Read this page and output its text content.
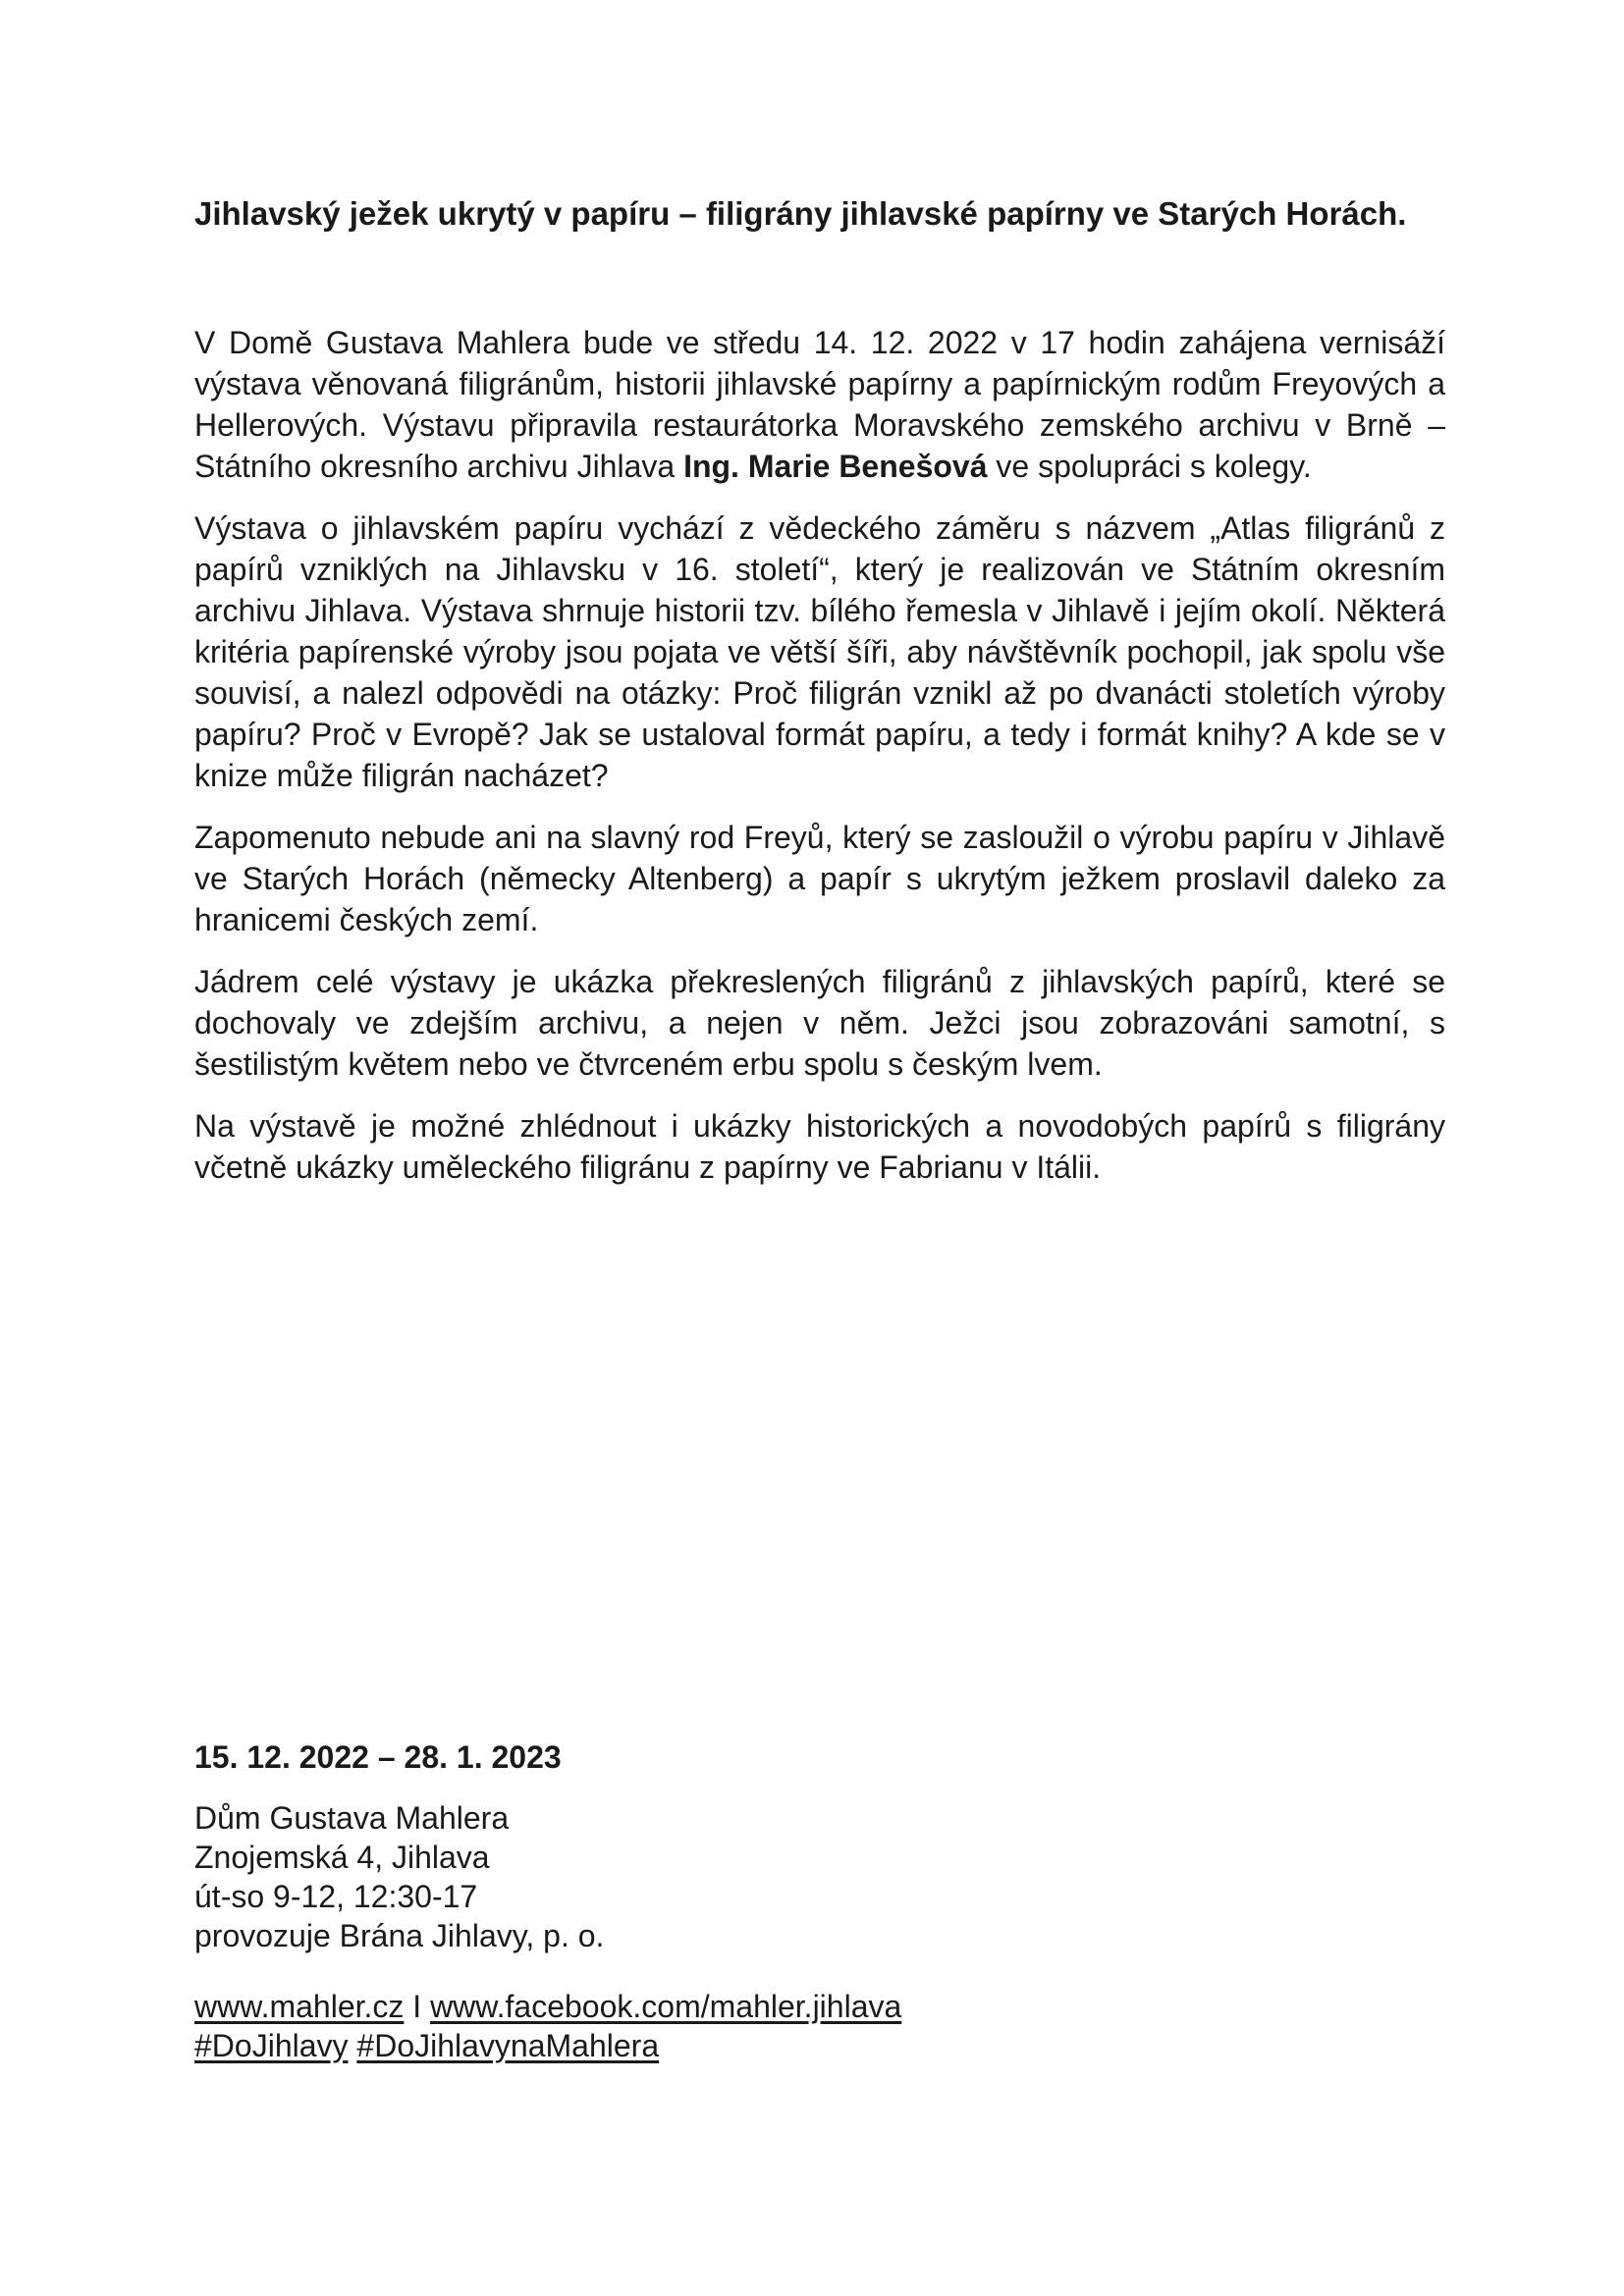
Jihlavský ježek ukrytý v papíru – filigrány jihlavské papírny ve Starých Horách.

V Domě Gustava Mahlera bude ve středu 14. 12. 2022 v 17 hodin zahájena vernisáží výstava věnovaná filigránům, historii jihlavské papírny a papírnickým rodům Freyových a Hellerových. Výstavu připravila restaurátorka Moravského zemského archivu v Brně – Státního okresního archivu Jihlava Ing. Marie Benešová ve spolupráci s kolegy.

Výstava o jihlavském papíru vychází z vědeckého záměru s názvem „Atlas filigránů z papírů vzniklých na Jihlavsku v 16. století“, který je realizován ve Státním okresním archivu Jihlava. Výstava shrnuje historii tzv. bílého řemesla v Jihlavě i jejím okolí. Některá kritéria papírenské výroby jsou pojata ve větší šíři, aby návštěvník pochopil, jak spolu vše souvisí, a nalezl odpovědi na otázky: Proč filigrán vznikl až po dvanácti stoletích výroby papíru? Proč v Evropě? Jak se ustaloval formát papíru, a tedy i formát knihy? A kde se v knize může filigrán nacházet?

Zapomenuto nebude ani na slavný rod Freyů, který se zasloužil o výrobu papíru v Jihlavě ve Starých Horách (německy Altenberg) a papír s ukrytým ježkem proslavil daleko za hranicemi českých zemí.

Jádrem celé výstavy je ukázka překreslených filigránů z jihlavských papírů, které se dochovaly ve zdejším archivu, a nejen v něm. Ježci jsou zobrazováni samotní, s šestilistým květem nebo ve čtvrceném erbu spolu s českým lvem.

Na výstavě je možné zhlédnout i ukázky historických a novodobých papírů s filigrány včetně ukázky uměleckého filigránu z papírny ve Fabrianu v Itálii.

15. 12. 2022 – 28. 1. 2023
Dům Gustava Mahlera
Znojemská 4, Jihlava
út-so 9-12, 12:30-17
provozuje Brána Jihlavy, p. o.
www.mahler.cz I www.facebook.com/mahler.jihlava
#DoJihlavy #DoJihlavynaMahlera
